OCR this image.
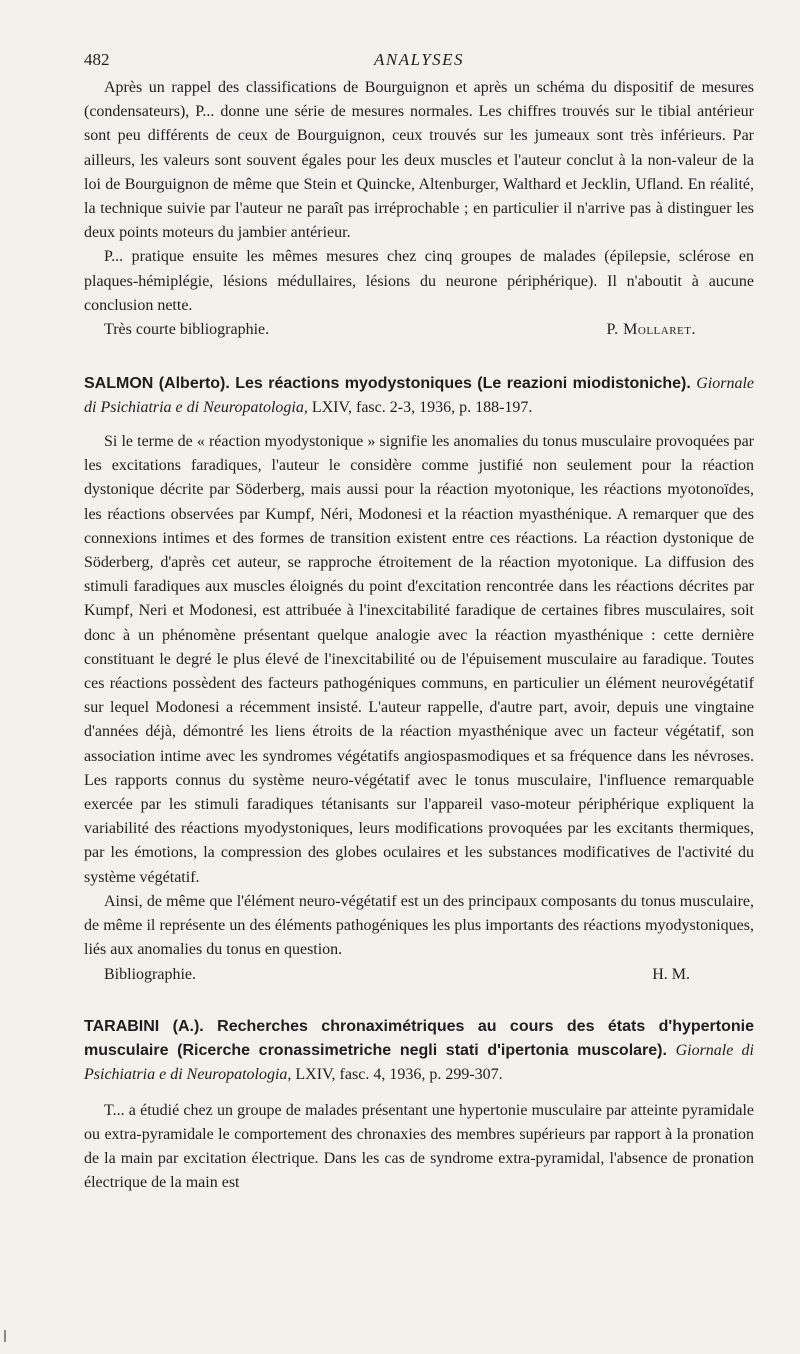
482	ANALYSES

Après un rappel des classifications de Bourguignon et après un schéma du dispositif de mesures (condensateurs), P... donne une série de mesures normales. Les chiffres trouvés sur le tibial antérieur sont peu différents de ceux de Bourguignon, ceux trouvés sur les jumeaux sont très inférieurs. Par ailleurs, les valeurs sont souvent égales pour les deux muscles et l'auteur conclut à la non-valeur de la loi de Bourguignon de même que Stein et Quincke, Altenburger, Walthard et Jecklin, Ufland. En réalité, la technique suivie par l'auteur ne paraît pas irréprochable ; en particulier il n'arrive pas à distinguer les deux points moteurs du jambier antérieur.

P... pratique ensuite les mêmes mesures chez cinq groupes de malades (épilepsie, sclérose en plaques-hémiplégie, lésions médullaires, lésions du neurone périphérique). Il n'aboutit à aucune conclusion nette.

Très courte bibliographie.	P. Mollaret.

SALMON (Alberto). Les réactions myodystoniques (Le reazioni miodistoniche). Giornale di Psichiatria e di Neuropatologia, LXIV, fasc. 2-3, 1936, p. 188-197.

Si le terme de « réaction myodystonique » signifie les anomalies du tonus musculaire provoquées par les excitations faradiques, l'auteur le considère comme justifié non seulement pour la réaction dystonique décrite par Söderberg, mais aussi pour la réaction myotonique, les réactions myotonoïdes, les réactions observées par Kumpf, Néri, Modonesi et la réaction myasthénique. A remarquer que des connexions intimes et des formes de transition existent entre ces réactions. La réaction dystonique de Söderberg, d'après cet auteur, se rapproche étroitement de la réaction myotonique. La diffusion des stimuli faradiques aux muscles éloignés du point d'excitation rencontrée dans les réactions décrites par Kumpf, Neri et Modonesi, est attribuée à l'inexcitabilité faradique de certaines fibres musculaires, soit donc à un phénomène présentant quelque analogie avec la réaction myasthénique : cette dernière constituant le degré le plus élevé de l'inexcitabilité ou de l'épuisement musculaire au faradique. Toutes ces réactions possèdent des facteurs pathogéniques communs, en particulier un élément neurovégétatif sur lequel Modonesi a récemment insisté. L'auteur rappelle, d'autre part, avoir, depuis une vingtaine d'années déjà, démontré les liens étroits de la réaction myasthénique avec un facteur végétatif, son association intime avec les syndromes végétatifs angiospasmodiques et sa fréquence dans les névroses. Les rapports connus du système neuro-végétatif avec le tonus musculaire, l'influence remarquable exercée par les stimuli faradiques tétanisants sur l'appareil vaso-moteur périphérique expliquent la variabilité des réactions myodystoniques, leurs modifications provoquées par les excitants thermiques, par les émotions, la compression des globes oculaires et les substances modificatives de l'activité du système végétatif.

Ainsi, de même que l'élément neuro-végétatif est un des principaux composants du tonus musculaire, de même il représente un des éléments pathogéniques les plus importants des réactions myodystoniques, liés aux anomalies du tonus en question.

Bibliographie.	H. M.

TARABINI (A.). Recherches chronaximétriques au cours des états d'hypertonie musculaire (Ricerche cronassimetriche negli stati d'ipertonia muscolare). Giornale di Psichiatria e di Neuropatologia, LXIV, fasc. 4, 1936, p. 299-307.

T... a étudié chez un groupe de malades présentant une hypertonie musculaire par atteinte pyramidale ou extra-pyramidale le comportement des chronaxies des membres supérieurs par rapport à la pronation de la main par excitation électrique. Dans les cas de syndrome extra-pyramidal, l'absence de pronation électrique de la main est
